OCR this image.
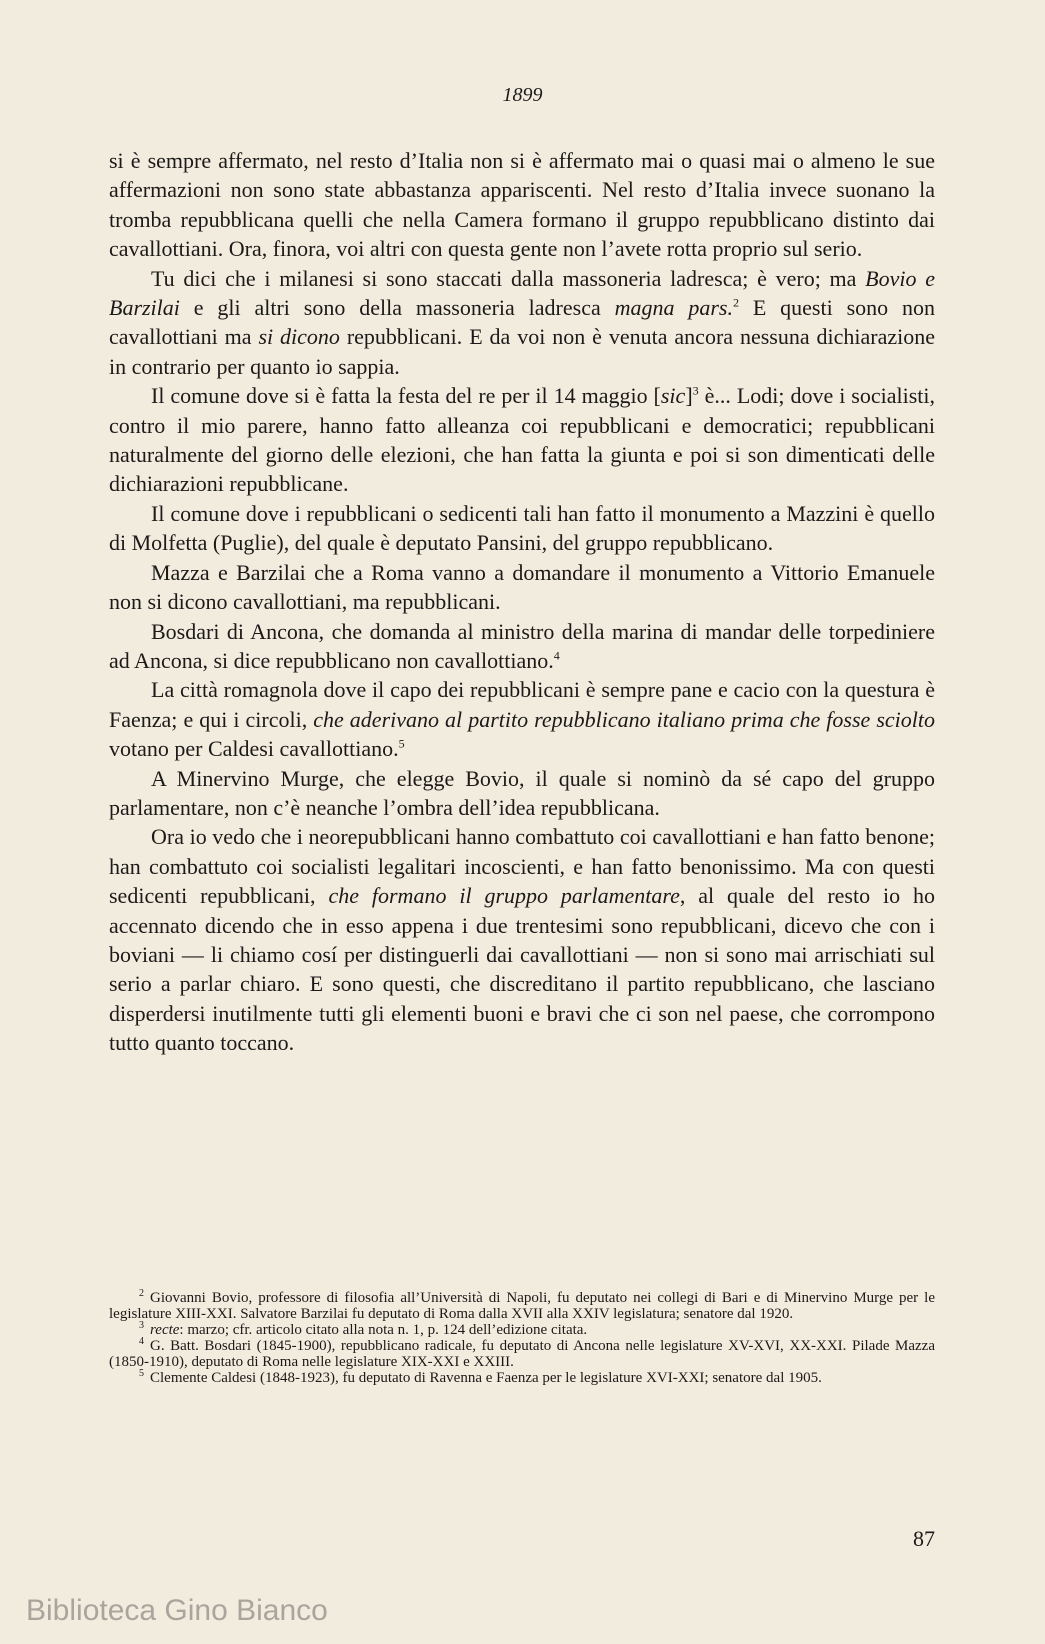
1899

si è sempre affermato, nel resto d’Italia non si è affermato mai o quasi mai o almeno le sue affermazioni non sono state abbastanza appariscenti. Nel resto d’Italia invece suonano la tromba repubblicana quelli che nella Camera formano il gruppo repubblicano distinto dai cavallottiani. Ora, finora, voi altri con questa gente non l’avete rotta proprio sul serio.

Tu dici che i milanesi si sono staccati dalla massoneria ladresca; è vero; ma Bovio e Barzilai e gli altri sono della massoneria ladresca magna pars.$^2$ E questi sono non cavallottiani ma si dicono repubblicani. E da voi non è venuta ancora nessuna dichiarazione in contrario per quanto io sappia.

Il comune dove si è fatta la festa del re per il 14 maggio [sic]$^3$ è... Lodi; dove i socialisti, contro il mio parere, hanno fatto alleanza coi repubblicani e democratici; repubblicani naturalmente del giorno delle elezioni, che han fatta la giunta e poi si son dimenticati delle dichiarazioni repubblicane.

Il comune dove i repubblicani o sedicenti tali han fatto il monumento a Mazzini è quello di Molfetta (Puglie), del quale è deputato Pansini, del gruppo repubblicano.

Mazza e Barzilai che a Roma vanno a domandare il monumento a Vittorio Emanuele non si dicono cavallottiani, ma repubblicani.

Bosdari di Ancona, che domanda al ministro della marina di mandar delle torpediniere ad Ancona, si dice repubblicano non cavallottiano.$^4$

La città romagnola dove il capo dei repubblicani è sempre pane e cacio con la questura è Faenza; e qui i circoli, che aderivano al partito repubblicano italiano prima che fosse sciolto votano per Caldesi cavallottiano.$^5$

A Minervino Murge, che elegge Bovio, il quale si nominò da sé capo del gruppo parlamentare, non c’è neanche l’ombra dell’idea repubblicana.

Ora io vedo che i neorepubblicani hanno combattuto coi cavallottiani e han fatto benone; han combattuto coi socialisti legalitari incoscienti, e han fatto benonissimo. Ma con questi sedicenti repubblicani, che formano il gruppo parlamentare, al quale del resto io ho accennato dicendo che in esso appena i due trentesimi sono repubblicani, dicevo che con i boviani — li chiamo cosí per distinguerli dai cavallottiani — non si sono mai arrischiati sul serio a parlar chiaro. E sono questi, che discreditano il partito repubblicano, che lasciano disperdersi inutilmente tutti gli elementi buoni e bravi che ci son nel paese, che corrompono tutto quanto toccano.

$^2$ Giovanni Bovio, professore di filosofia all’Università di Napoli, fu deputato nei collegi di Bari e di Minervino Murge per le legislature XIII-XXI. Salvatore Barzilai fu deputato di Roma dalla XVII alla XXIV legislatura; senatore dal 1920.

$^3$ recte: marzo; cfr. articolo citato alla nota n. 1, p. 124 dell’edizione citata.

$^4$ G. Batt. Bosdari (1845-1900), repubblicano radicale, fu deputato di Ancona nelle legislature XV-XVI, XX-XXI. Pilade Mazza (1850-1910), deputato di Roma nelle legislature XIX-XXI e XXIII.

$^5$ Clemente Caldesi (1848-1923), fu deputato di Ravenna e Faenza per le legislature XVI-XXI; senatore dal 1905.

87
Biblioteca Gino Bianco
